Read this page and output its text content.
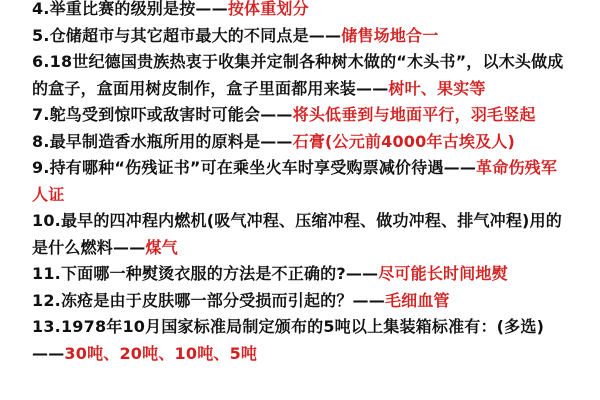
4.举重比赛的级别是按——按体重划分
5.仓储超市与其它超市最大的不同点是——储售场地合一
6.18世纪德国贵族热衷于收集并定制各种树木做的“木头书”，以木头做成的盒子，盒面用树皮制作，盒子里面都用来装——树叶、果实等
7.鸵鸟受到惊吓或敌害时可能会——将头低垂到与地面平行，羽毛竖起
8.最早制造香水瓶所用的原料是——石膏(公元前4000年古埃及人)
9.持有哪种“伤残证书”可在乘坐火车时享受购票减价待遇——革命伤残军人证
10.最早的四冲程内燃机(吸气冲程、压缩冲程、做功冲程、排气冲程)用的是什么燃料——煤气
11.下面哪一种熨烫衣服的方法是不正确的?——尽可能长时间地熨
12.冻疮是由于皮肤哪一部分受损而引起的？——毛细血管
13.1978年10月国家标准局制定颁布的5吨以上集装箱标准有：(多选)——30吨、20吨、10吨、5吨
